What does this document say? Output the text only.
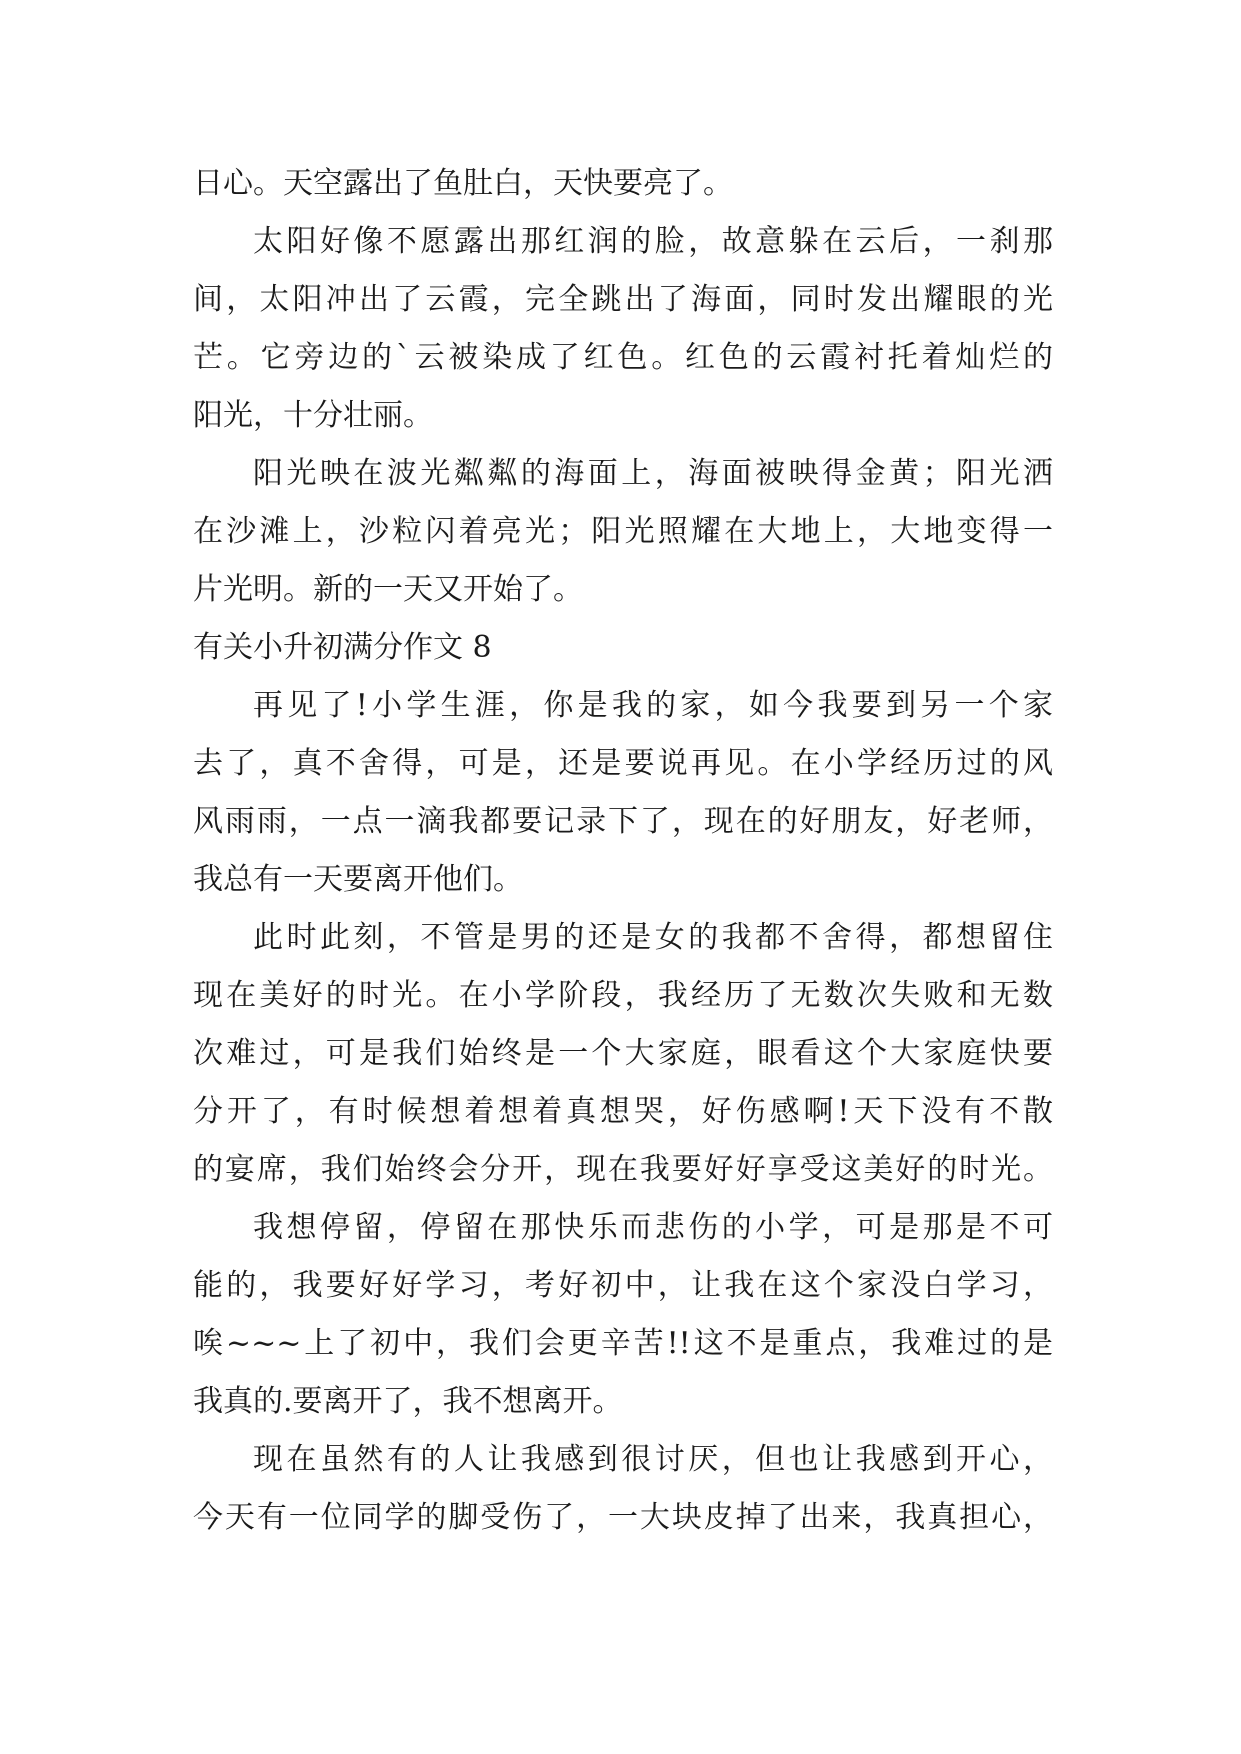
日心。天空露出了鱼肚白，天快要亮了。
太阳好像不愿露出那红润的脸，故意躲在云后，一刹那
间，太阳冲出了云霞，完全跳出了海面，同时发出耀眼的光
芒。它旁边的`云被染成了红色。红色的云霞衬托着灿烂的
阳光，十分壮丽。
阳光映在波光粼粼的海面上，海面被映得金黄；阳光洒
在沙滩上，沙粒闪着亮光；阳光照耀在大地上，大地变得一
片光明。新的一天又开始了。
有关小升初满分作文 8
再见了!小学生涯，你是我的家，如今我要到另一个家
去了，真不舍得，可是，还是要说再见。在小学经历过的风
风雨雨，一点一滴我都要记录下了，现在的好朋友，好老师，
我总有一天要离开他们。
此时此刻，不管是男的还是女的我都不舍得，都想留住
现在美好的时光。在小学阶段，我经历了无数次失败和无数
次难过，可是我们始终是一个大家庭，眼看这个大家庭快要
分开了，有时候想着想着真想哭，好伤感啊!天下没有不散
的宴席，我们始终会分开，现在我要好好享受这美好的时光。
我想停留，停留在那快乐而悲伤的小学，可是那是不可
能的，我要好好学习，考好初中，让我在这个家没白学习，
唉~~~上了初中，我们会更辛苦!!这不是重点，我难过的是
我真的.要离开了，我不想离开。
现在虽然有的人让我感到很讨厌，但也让我感到开心，
今天有一位同学的脚受伤了，一大块皮掉了出来，我真担心，
